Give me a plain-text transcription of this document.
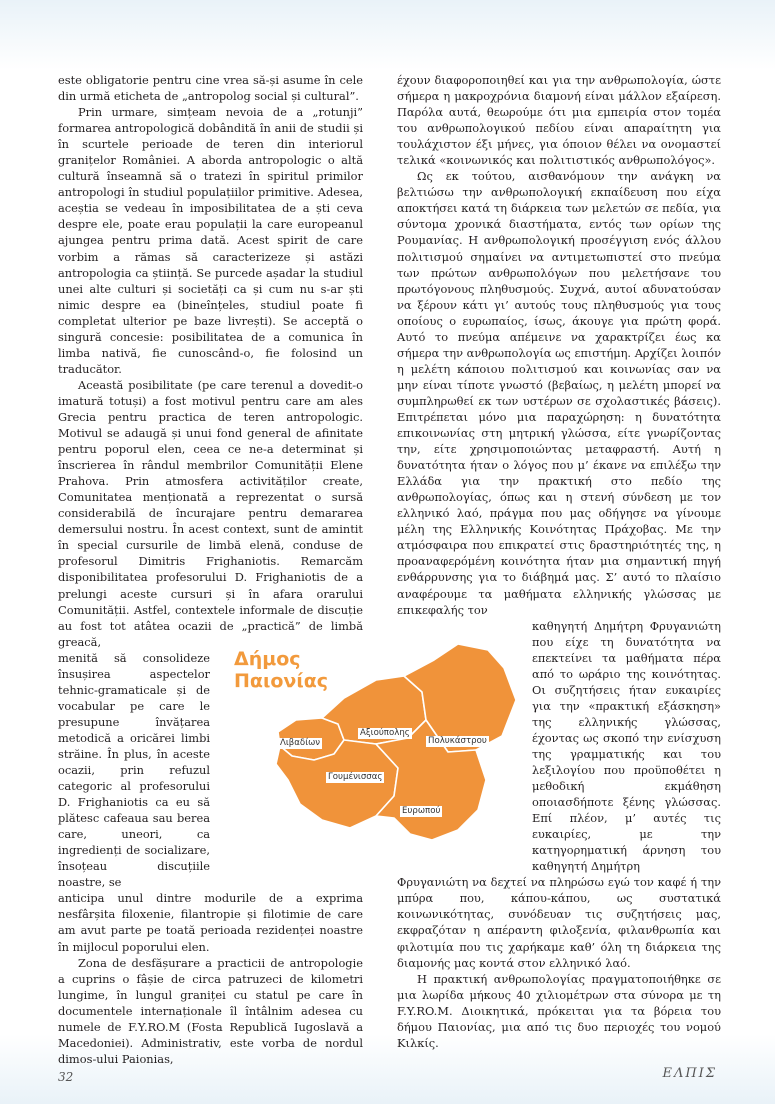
este obligatorie pentru cine vrea să-și asume în cele din urmă eticheta de „antropolog social și cultural”.

Prin urmare, simțeam nevoia de a „rotunji” formarea antropologică dobândită în anii de studii și în scurtele perioade de teren din interiorul granițelor României. A aborda antropologic o altă cultură înseamnă să o tratezi în spiritul primilor antropologi în studiul populațiilor primitive. Adesea, aceștia se vedeau în imposibilitatea de a ști ceva despre ele, poate erau populații la care europeanul ajungea pentru prima dată. Acest spirit de care vorbim a rămas să caracterizeze și astăzi antropologia ca știință. Se purcede așadar la studiul unei alte culturi și societăți ca și cum nu s-ar ști nimic despre ea (bineînțeles, studiul poate fi completat ulterior pe baze livrești). Se acceptă o singură concesie: posibilitatea de a comunica în limba nativă, fie cunoscând-o, fie folosind un traducător.

Această posibilitate (pe care terenul a dovedit-o imatură totuși) a fost motivul pentru care am ales Grecia pentru practica de teren antropologic. Motivul se adaugă și unui fond general de afinitate pentru poporul elen, ceea ce ne-a determinat și înscrierea în rândul membrilor Comunității Elene Prahova. Prin atmosfera activităților create, Comunitatea menționată a reprezentat o sursă considerabilă de încurajare pentru demararea demersului nostru. În acest context, sunt de amintit în special cursurile de limbă elenă, conduse de profesorul Dimitris Frighaniotis. Remarcăm disponibilitatea profesorului D. Frighaniotis de a prelungi aceste cursuri și în afara orarului Comunității. Astfel, contextele informale de discuție au fost tot atâtea ocazii de „practică” de limbă greacă,

menită să consolideze însușirea aspectelor tehnic-gramaticale și de vocabular pe care le presupune învățarea metodică a oricărei limbi străine. În plus, în aceste ocazii, prin refuzul categoric al profesorului D. Frighaniotis ca eu să plătesc cafeaua sau berea care, uneori, ca ingredienți de socializare, însoțeau discuțiile noastre, se

anticipa unul dintre modurile de a exprima nesfârșita filoxenie, filantropie și filotimie de care am avut parte pe toată perioada rezidenței noastre în mijlocul poporului elen.

Zona de desfășurare a practicii de antropologie a cuprins o fâșie de circa patruzeci de kilometri lungime, în lungul graniței cu statul pe care în documentele internaționale îl întâlnim adesea cu numele de F.Y.RO.M (Fosta Republică Iugoslavă a Macedoniei). Administrativ, este vorba de nordul dimos-ului Paionias,

έχουν διαφοροποιηθεί και για την ανθρωπολογία, ώστε σήμερα η μακροχρόνια διαμονή είναι μάλλον εξαίρεση. Παρόλα αυτά, θεωρούμε ότι μια εμπειρία στον τομέα του ανθρωπολογικού πεδίου είναι απαραίτητη για τουλάχιστον έξι μήνες, για όποιον θέλει να ονομαστεί τελικά «κοινωνικός και πολιτιστικός ανθρωπολόγος».

Ως εκ τούτου, αισθανόμουν την ανάγκη να βελτιώσω την ανθρωπολογική εκπαίδευση που είχα αποκτήσει κατά τη διάρκεια των μελετών σε πεδία, για σύντομα χρονικά διαστήματα, εντός των ορίων της Ρουμανίας. Η ανθρωπολογική προσέγγιση ενός άλλου πολιτισμού σημαίνει να αντιμετωπιστεί στο πνεύμα των πρώτων ανθρωπολόγων που μελετήσανε του πρωτόγονους πληθυσμούς. Συχνά, αυτοί αδυνατούσαν να ξέρουν κάτι γι’ αυτούς τους πληθυσμούς για τους οποίους ο ευρωπαίος, ίσως, άκουγε για πρώτη φορά. Αυτό το πνεύμα απέμεινε να χαρακτρίζει έως κα σήμερα την ανθρωπολογία ως επιστήμη. Αρχίζει λοιπόν η μελέτη κάποιου πολιτισμού και κοινωνίας σαν να μην είναι τίποτε γνωστό (βεβαίως, η μελέτη μπορεί να συμπληρωθεί εκ των υστέρων σε σχολαστικές βάσεις). Επιτρέπεται μόνο μια παραχώρηση: η δυνατότητα επικοινωνίας στη μητρική γλώσσα, είτε γνωρίζοντας την, είτε χρησιμοποιώντας μεταφραστή. Αυτή η δυνατότητα ήταν ο λόγος που μ’ έκανε να επιλέξω την Ελλάδα για την πρακτική στο πεδίο της ανθρωπολογίας, όπως και η στενή σύνδεση με τον ελληνικό λαό, πράγμα που μας οδήγησε να γίνουμε μέλη της Ελληνικής Κοινότητας Πράχοβας. Με την ατμόσφαιρα που επικρατεί στις δραστηριότητές της, η προαναφερόμένη κοινότητα ήταν μια σημαντική πηγή ενθάρρυνσης για το διάβημά μας. Σ’ αυτό το πλαίσιο αναφέρουμε τα μαθήματα ελληνικής γλώσσας με επικεφαλής τον

καθηγητή Δημήτρη Φρυγανιώτη που είχε τη δυνατότητα να επεκτείνει τα μαθήματα πέρα από το ωράριο της κοινότητας. Οι συζητήσεις ήταν ευκαιρίες για την «πρακτική εξάσκηση» της ελληνικής γλώσσας, έχοντας ως σκοπό την ενίσχυση της γραμματικής και του λεξιλογίου που προϋποθέτει η μεθοδική εκμάθηση οποιασδήποτε ξένης γλώσσας. Επί πλέον, μ’ αυτές τις ευκαιρίες, με την κατηγορηματική άρνηση του καθηγητή Δημήτρη

Φρυγανιώτη να δεχτεί να πληρώσω εγώ τον καφέ ή την μπύρα που, κάπου-κάπου, ως συστατικά κοινωνικότητας, συνόδευαν τις συζητήσεις μας, εκφραζόταν η απέραντη φιλοξενία, φιλανθρωπία και φιλοτιμία που τις χαρήκαμε καθ’ όλη τη διάρκεια της διαμονής μας κοντά στον ελληνικό λαό.

Η πρακτική ανθρωπολογίας πραγματοποιήθηκε σε μια λωρίδα μήκους 40 χιλιομέτρων στα σύνορα με τη F.Y.RO.M. Διοικητικά, πρόκειται για τα βόρεια του δήμου Παιονίας, μια από τις δυο περιοχές του νομού Κιλκίς.

Δήμος
Παιονίας
Λιβαδίων
Αξιούπολης
Πολυκάστρου
Γουμένισσας
Ευρωπού
32	ΕΛΠΙΣ
